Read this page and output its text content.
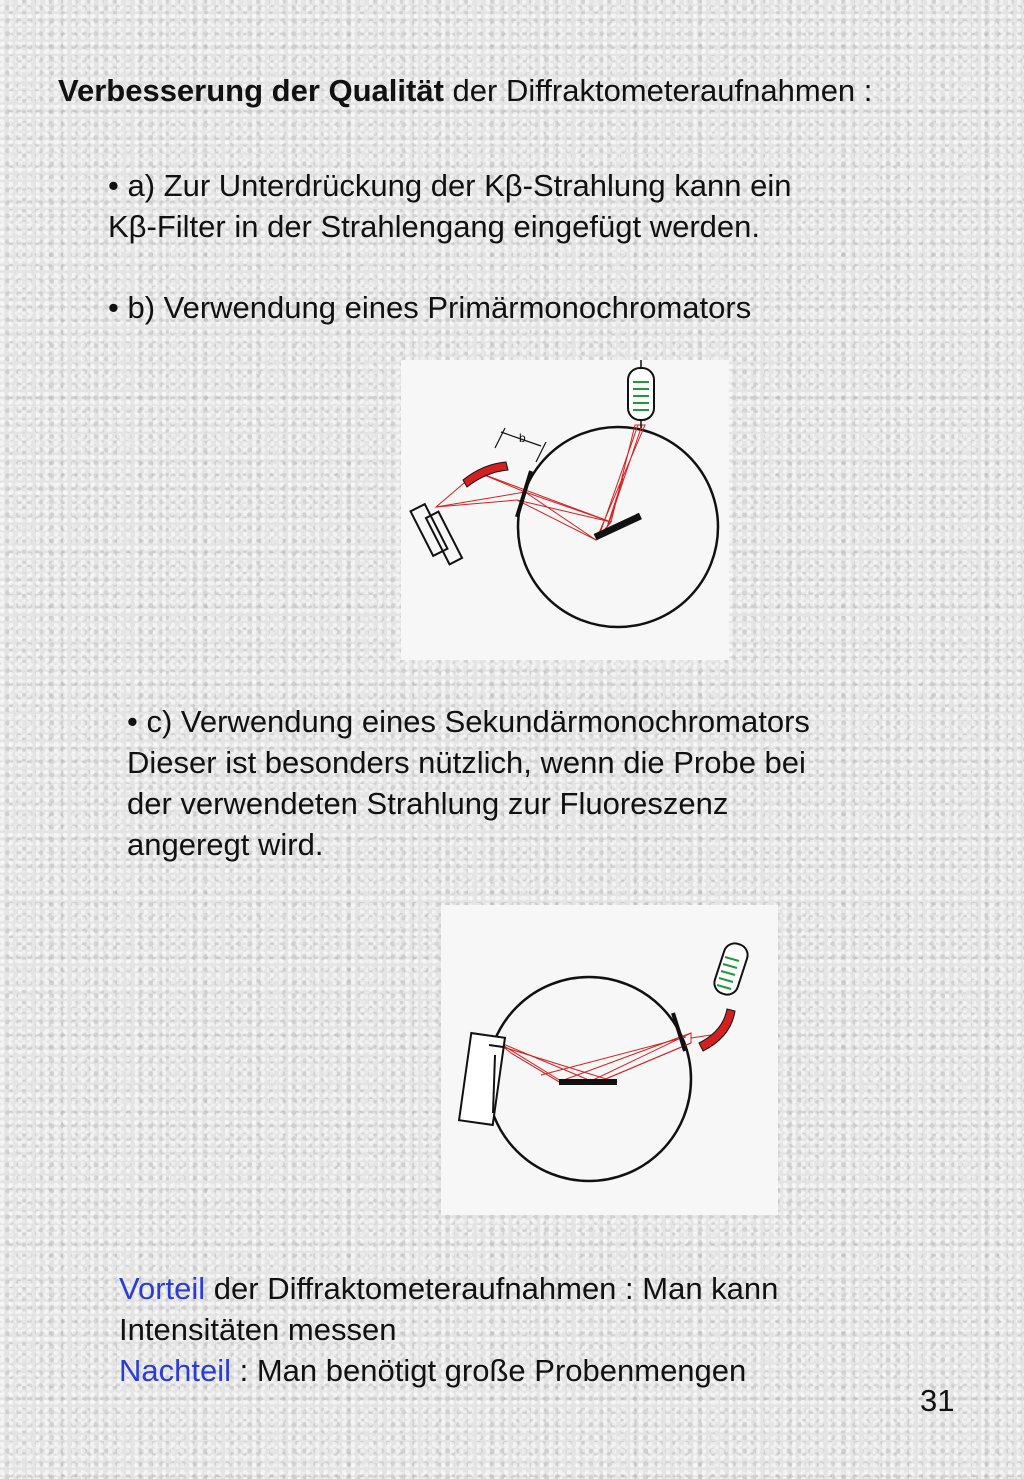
Verbesserung der Qualität der Diffraktometeraufnahmen :
• a) Zur Unterdrückung der Kβ-Strahlung kann ein
Kβ-Filter in der Strahlengang eingefügt werden.
• b) Verwendung eines Primärmonochromators
b
• c) Verwendung eines Sekundärmonochromators
Dieser ist besonders nützlich, wenn die Probe bei
der verwendeten Strahlung zur Fluoreszenz
angeregt wird.
Vorteil der Diffraktometeraufnahmen : Man kann
Intensitäten messen
Nachteil : Man benötigt große Probenmengen
31
